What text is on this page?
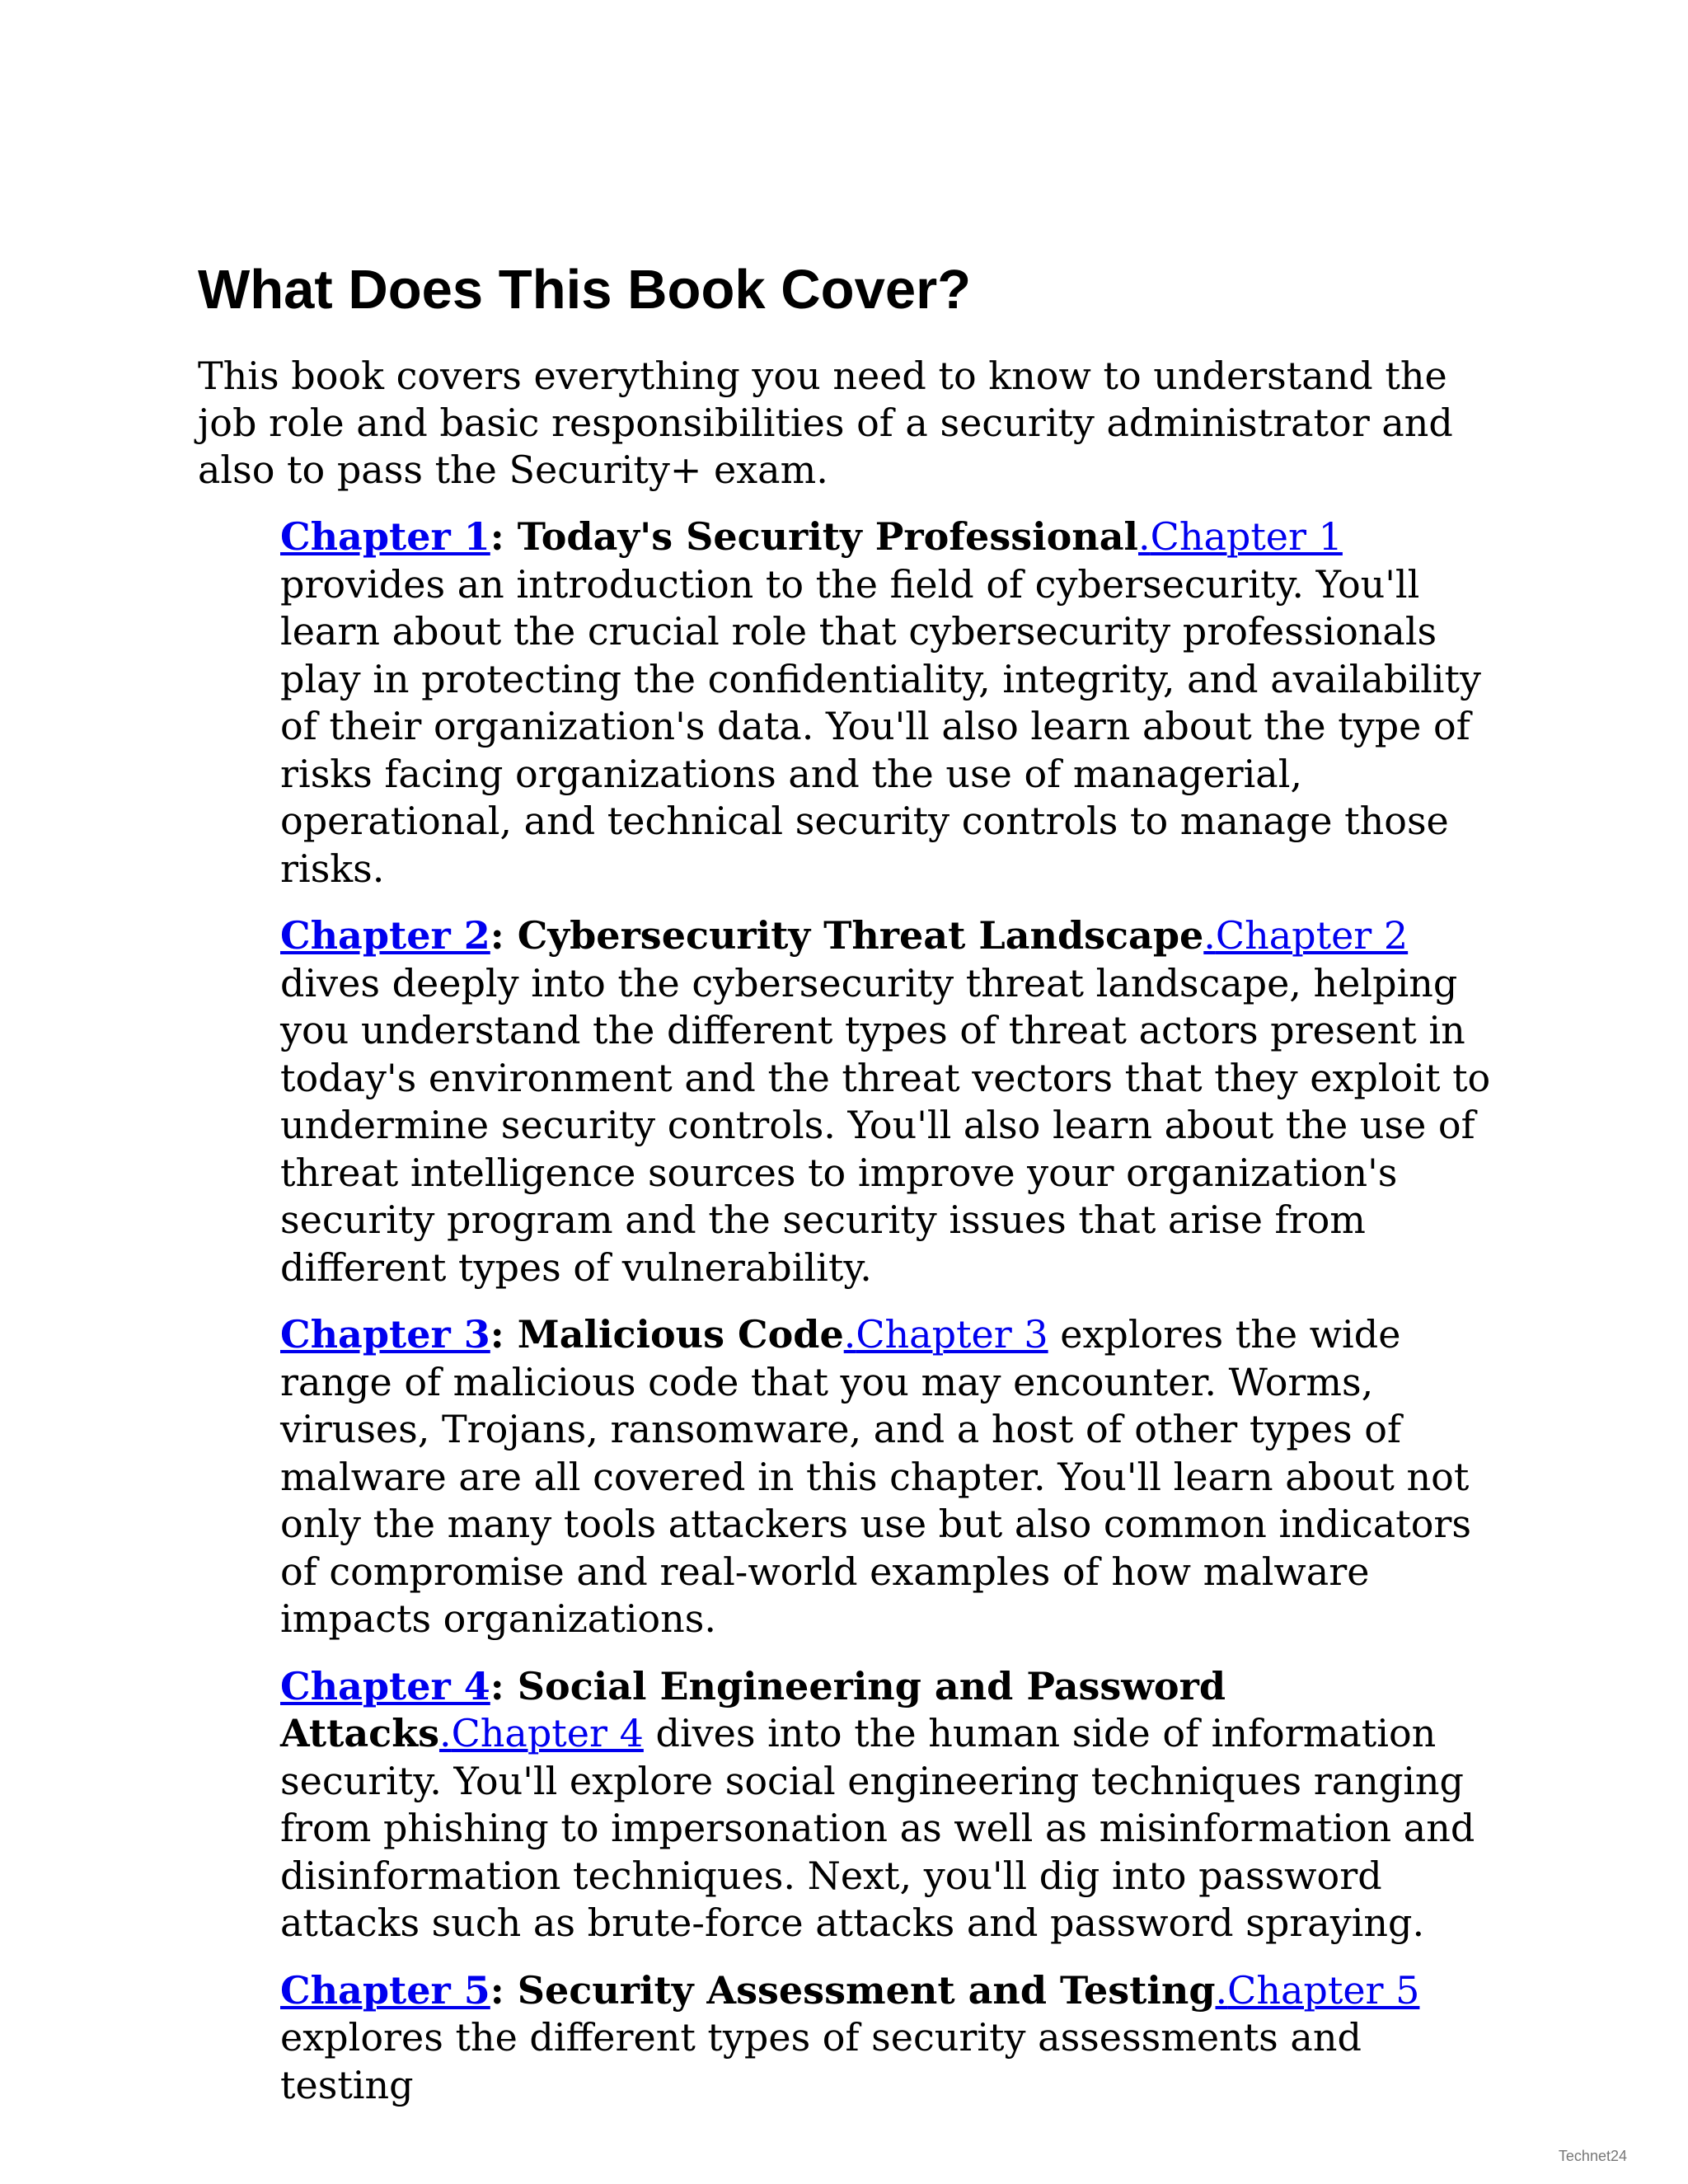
What Does This Book Cover?

This book covers everything you need to know to understand the job role and basic responsibilities of a security administrator and also to pass the Security+ exam.

Chapter 1: Today's Security Professional.Chapter 1 provides an introduction to the field of cybersecurity. You'll learn about the crucial role that cybersecurity professionals play in protecting the confidentiality, integrity, and availability of their organization's data. You'll also learn about the type of risks facing organizations and the use of managerial, operational, and technical security controls to manage those risks.

Chapter 2: Cybersecurity Threat Landscape.Chapter 2 dives deeply into the cybersecurity threat landscape, helping you understand the different types of threat actors present in today's environment and the threat vectors that they exploit to undermine security controls. You'll also learn about the use of threat intelligence sources to improve your organization's security program and the security issues that arise from different types of vulnerability.

Chapter 3: Malicious Code.Chapter 3 explores the wide range of malicious code that you may encounter. Worms, viruses, Trojans, ransomware, and a host of other types of malware are all covered in this chapter. You'll learn about not only the many tools attackers use but also common indicators of compromise and real-world examples of how malware impacts organizations.

Chapter 4: Social Engineering and Password Attacks.Chapter 4 dives into the human side of information security. You'll explore social engineering techniques ranging from phishing to impersonation as well as misinformation and disinformation techniques. Next, you'll dig into password attacks such as brute-force attacks and password spraying.

Chapter 5: Security Assessment and Testing.Chapter 5 explores the different types of security assessments and testing

Technet24
